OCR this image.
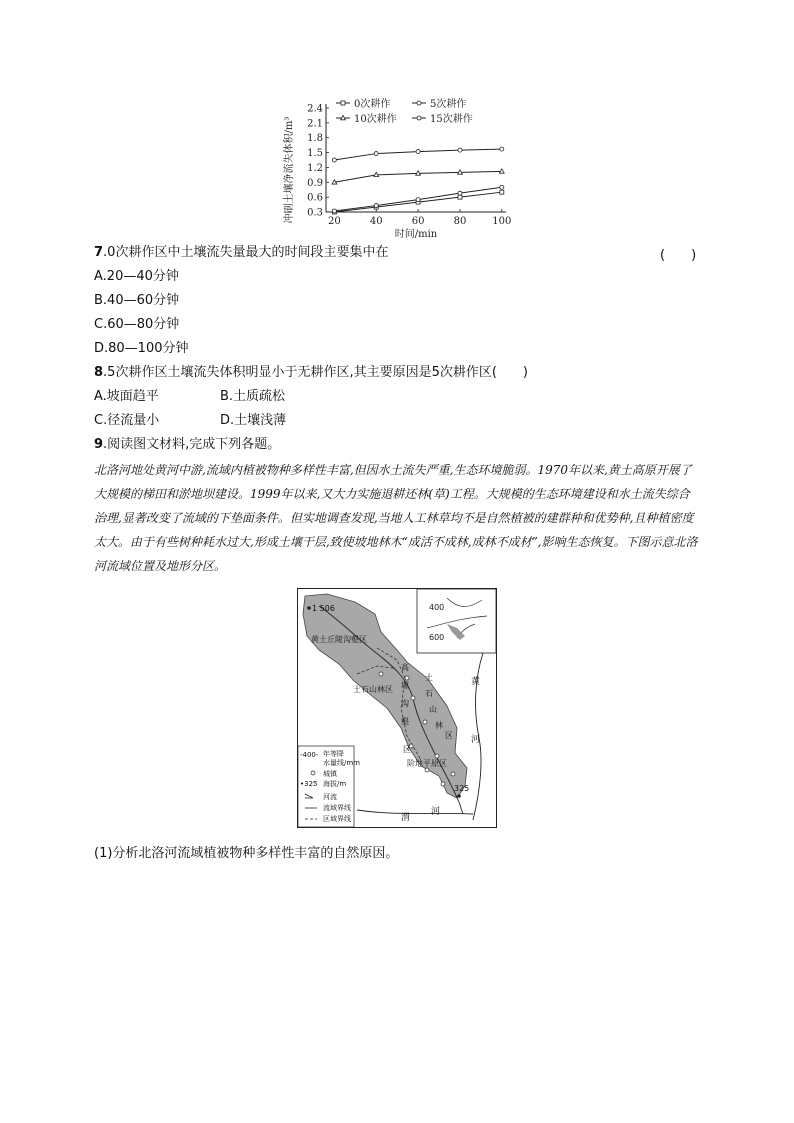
0.3
0.6
0.9
1.2
1.5
1.8
2.1
2.4
20	40	60	80	100
时间/min
冲刷土壤净流失体积/m³
0次耕作	5次耕作
10次耕作	15次耕作
7.0次耕作区中土壤流失量最大的时间段主要集中在	(　　)
A.20—40分钟
B.40—60分钟
C.60—80分钟
D.80—100分钟
8.5次耕作区土壤流失体积明显小于无耕作区,其主要原因是5次耕作区(　　)
A.坡面趋平	B.土质疏松
C.径流量小	D.土壤浅薄
9.阅读图文材料,完成下列各题。
北洛河地处黄河中游,流域内植被物种多样性丰富,但因水土流失严重,生态环境脆弱。1970年以来,黄土高原开展了大规模的梯田和淤地坝建设。1999年以来,又大力实施退耕还林(草)工程。大规模的生态环境建设和水土流失综合治理,显著改变了流域的下垫面条件。但实地调查发现,当地人工林草均不是自然植被的建群种和优势种,且种植密度太大。由于有些树种耗水过大,形成土壤干层,致使坡地林木“成活不成林,成林不成材”,影响生态恢复。下图示意北洛河流域位置及地形分区。
400
600
1 506
黄土丘陵沟壑区
土石山林区
高
塬
沟
壑
区
土
石
山
林
区
阶地平原区
325
黄
河
渭
河
-400- 年等降
水量线/mm
城镇
•325 海拔/m
河流
流域界线
区域界线
(1)分析北洛河流域植被物种多样性丰富的自然原因。
